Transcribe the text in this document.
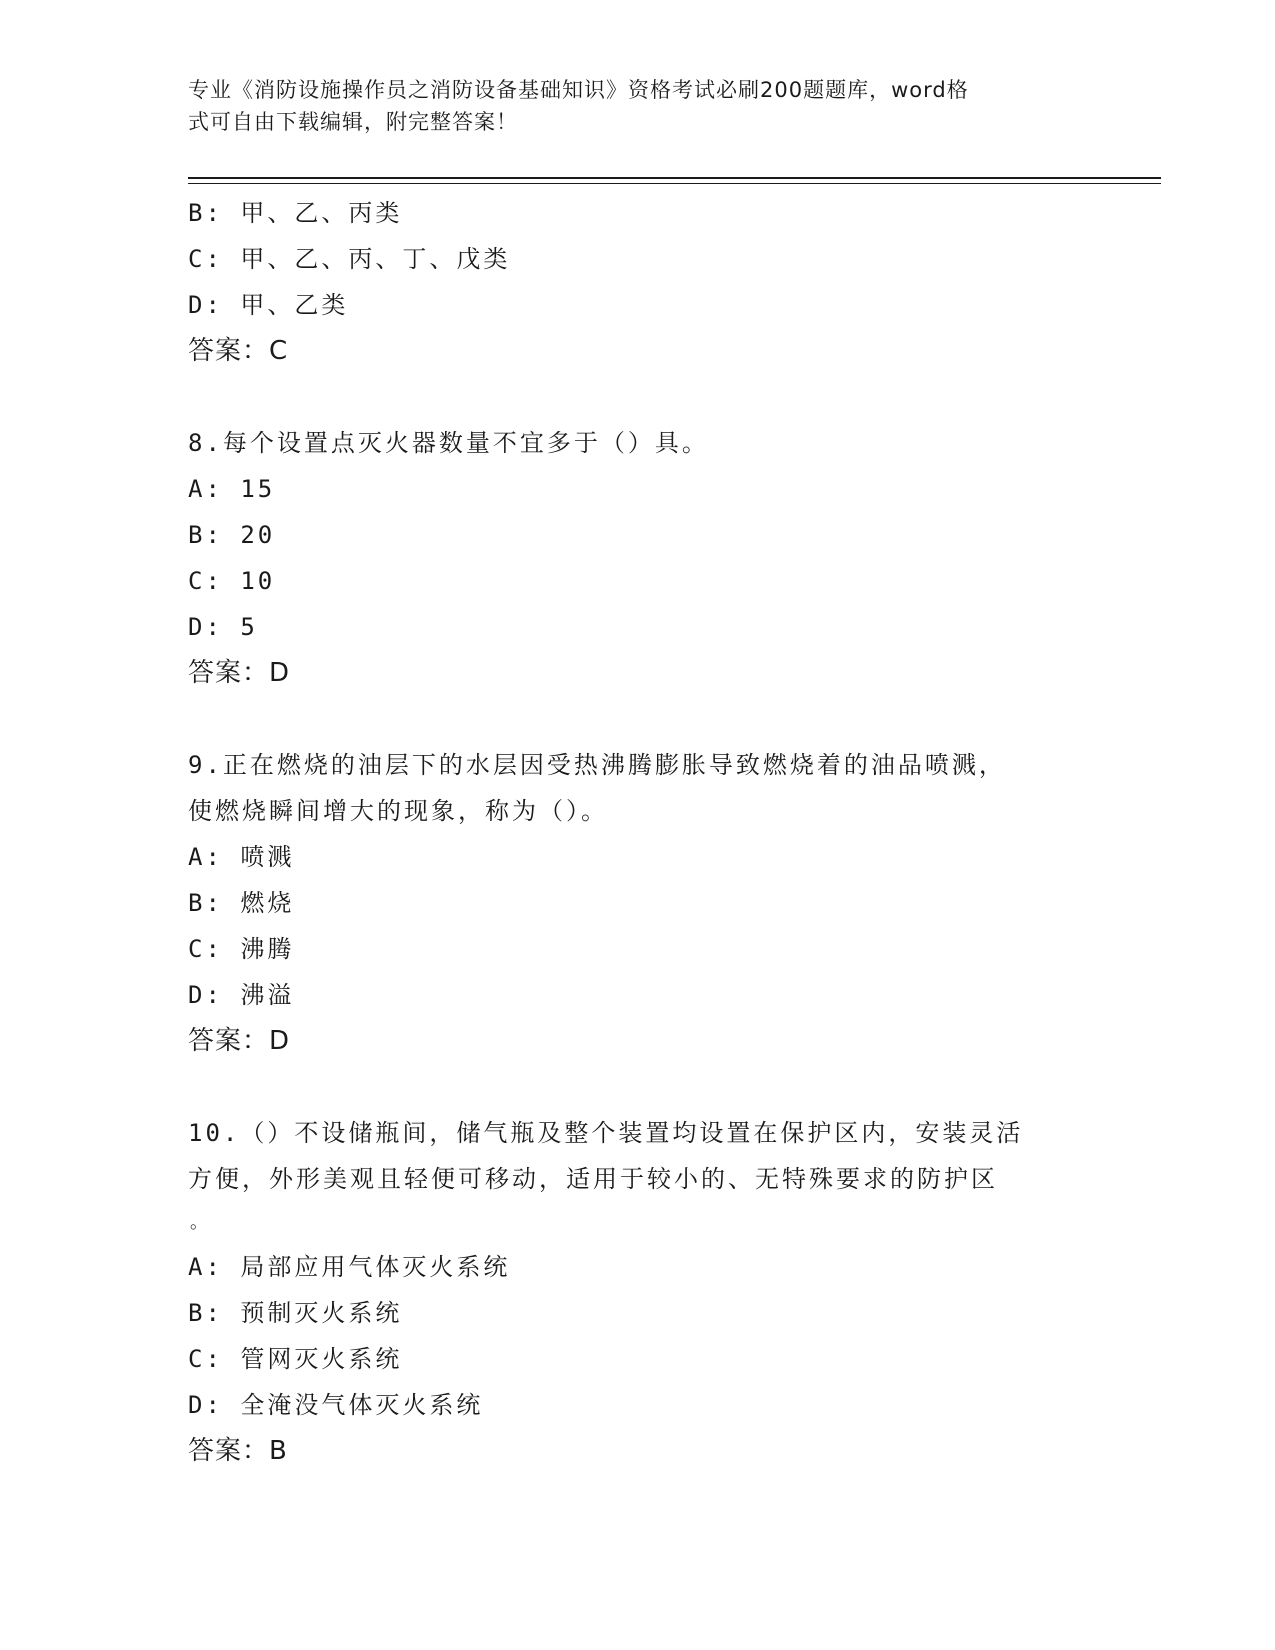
专业《消防设施操作员之消防设备基础知识》资格考试必刷200题题库，word格
式可自由下载编辑，附完整答案！
B: 甲、乙、丙类
C: 甲、乙、丙、丁、戊类
D: 甲、乙类
答案：C
8.每个设置点灭火器数量不宜多于（）具。
A: 15
B: 20
C: 10
D: 5
答案：D
9.正在燃烧的油层下的水层因受热沸腾膨胀导致燃烧着的油品喷溅，
使燃烧瞬间增大的现象，称为（）。
A: 喷溅
B: 燃烧
C: 沸腾
D: 沸溢
答案：D
10.（）不设储瓶间，储气瓶及整个装置均设置在保护区内，安装灵活
方便，外形美观且轻便可移动，适用于较小的、无特殊要求的防护区
。
A: 局部应用气体灭火系统
B: 预制灭火系统
C: 管网灭火系统
D: 全淹没气体灭火系统
答案：B
